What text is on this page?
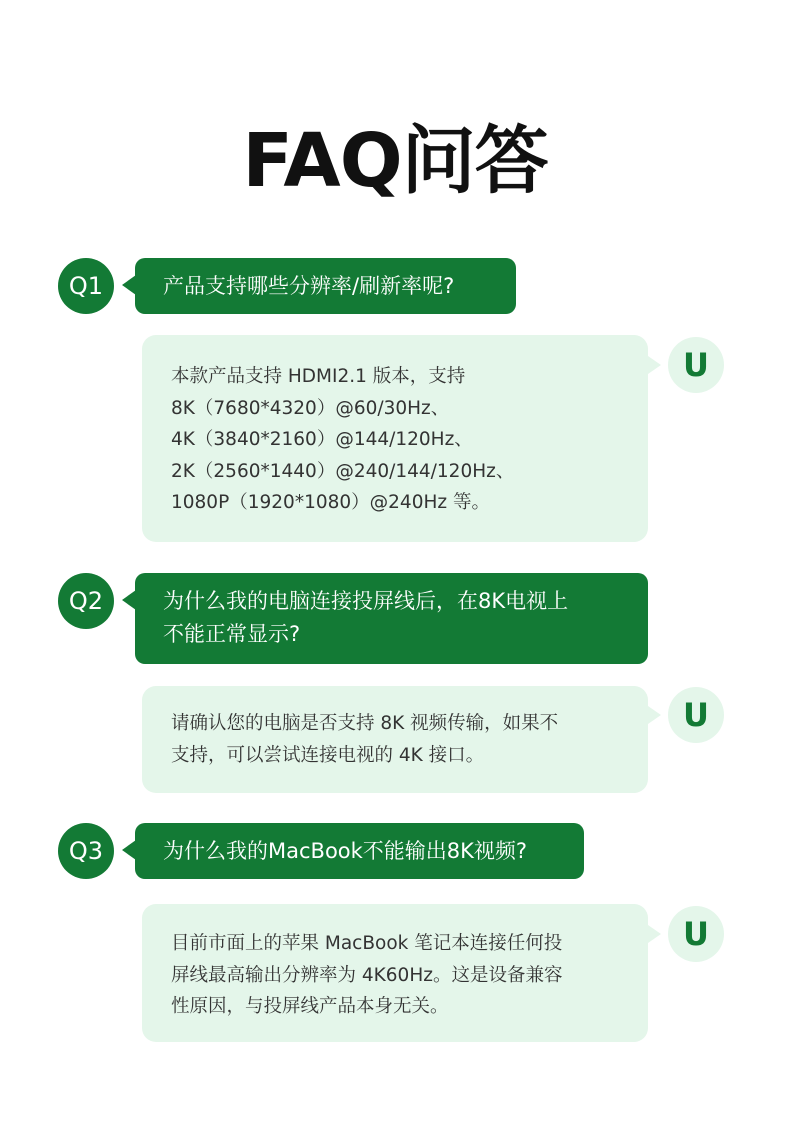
FAQ问答
Q1	产品支持哪些分辨率/刷新率呢?
本款产品支持 HDMI2.1 版本，支持
8K（7680*4320）@60/30Hz、
4K（3840*2160）@144/120Hz、
2K（2560*1440）@240/144/120Hz、
1080P（1920*1080）@240Hz 等。
U
Q2	为什么我的电脑连接投屏线后，在8K电视上
不能正常显示?
请确认您的电脑是否支持 8K 视频传输，如果不
支持，可以尝试连接电视的 4K 接口。
U
Q3	为什么我的MacBook不能输出8K视频?
目前市面上的苹果 MacBook 笔记本连接任何投
屏线最高输出分辨率为 4K60Hz。这是设备兼容
性原因，与投屏线产品本身无关。
U
